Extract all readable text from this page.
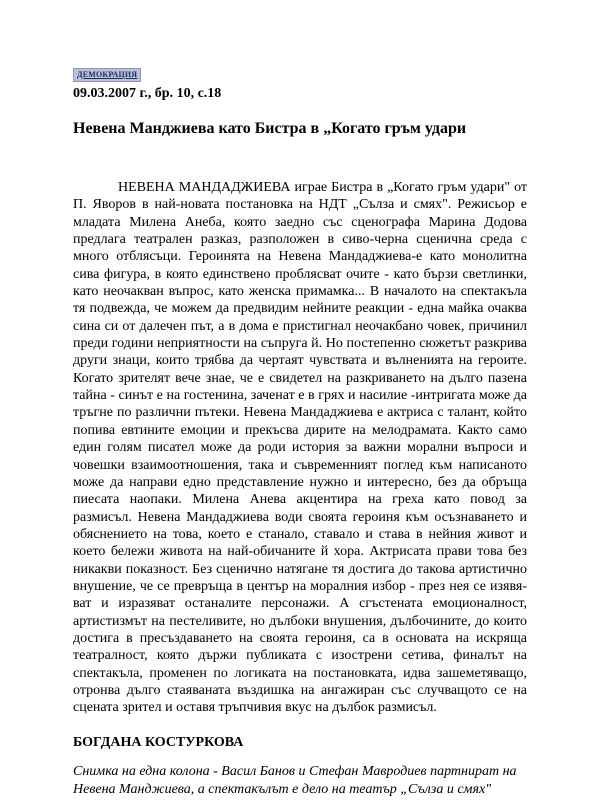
ДЕМОКРАЦИЯ
09.03.2007 г., бр. 10, с.18
Невена Манджиева като Бистра в „Когато гръм удари
НЕВЕНА МАНДАДЖИЕВА играе Бистра в „Когато гръм удари" от П. Яворов в най-новата постановка на НДТ „Сълза и смях". Режисьор е младата Милена Анеба, която заедно със сценографа Марина Додова предлага театрален разказ, разположен в сиво-черна сценична среда с много отблясъци. Героинята на Невена Мандаджиева-е като монолитна сива фигура, в която единствено проблясват очите - като бързи светлинки, като неочакван въпрос, като женска примамка... В началото на спектакъла тя подвежда, че можем да предвидим нейните реакции - една майка очаква сина си от далечен път, а в дома е пристигнал неочакбано човек, причинил преди години неприятности на съпруга й. Но постепенно сюжетът разкрива други знаци, които трябва да чертаят чувствата и вълненията на героите. Когато зрителят вече знае, че е свидетел на разкриването на дълго пазена тайна - синът е на гостенина, заченат е в грях и насилие -интригата може да тръгне по различни пътеки. Невена Мандаджиева е актриса с талант, който попива евтините емоции и прекъсва дирите на мелодрамата. Както само един голям писател може да роди история за важни морални въпроси и човешки взаимоотношения, така и съвременният поглед към написаното може да направи едно представление нужно и интересно, без да обръща пиесата наопаки. Милена Анева акцентира на греха като повод за размисъл. Невена Мандаджиева води своята героиня към осъзнаването и обяснението на това, което е станало, ставало и става в нейния живот и което бележи живота на най-обичаните й хора. Актрисата прави това без никакви показност. Без сценично натягане тя достига до такова артистично внушение, че се превръща в център на моралния избор - през нея се изявя-ват и изразяват останалите персонажи. А сгъстената емоционалност, артистизмът на пестеливите, но дълбоки внушения, дълбочините, до които достига в пресъздаването на своята героиня, са в основата на искряща театралност, която държи публиката с изострени сетива, финалът на спектакъла, променен по логиката на постановката, идва зашеметяващо, отронва дълго стаяваната въздишка на ангажиран със случващото се на сцената зрител и оставя тръпчивия вкус на дълбок размисъл.
БОГДАНА КОСТУРКОВА
Снимка на една колона - Васил Банов и Стефан Мавродиев партнират на Невена Манджиева, а спектакълът е дело на театър „Сълза и смях"
